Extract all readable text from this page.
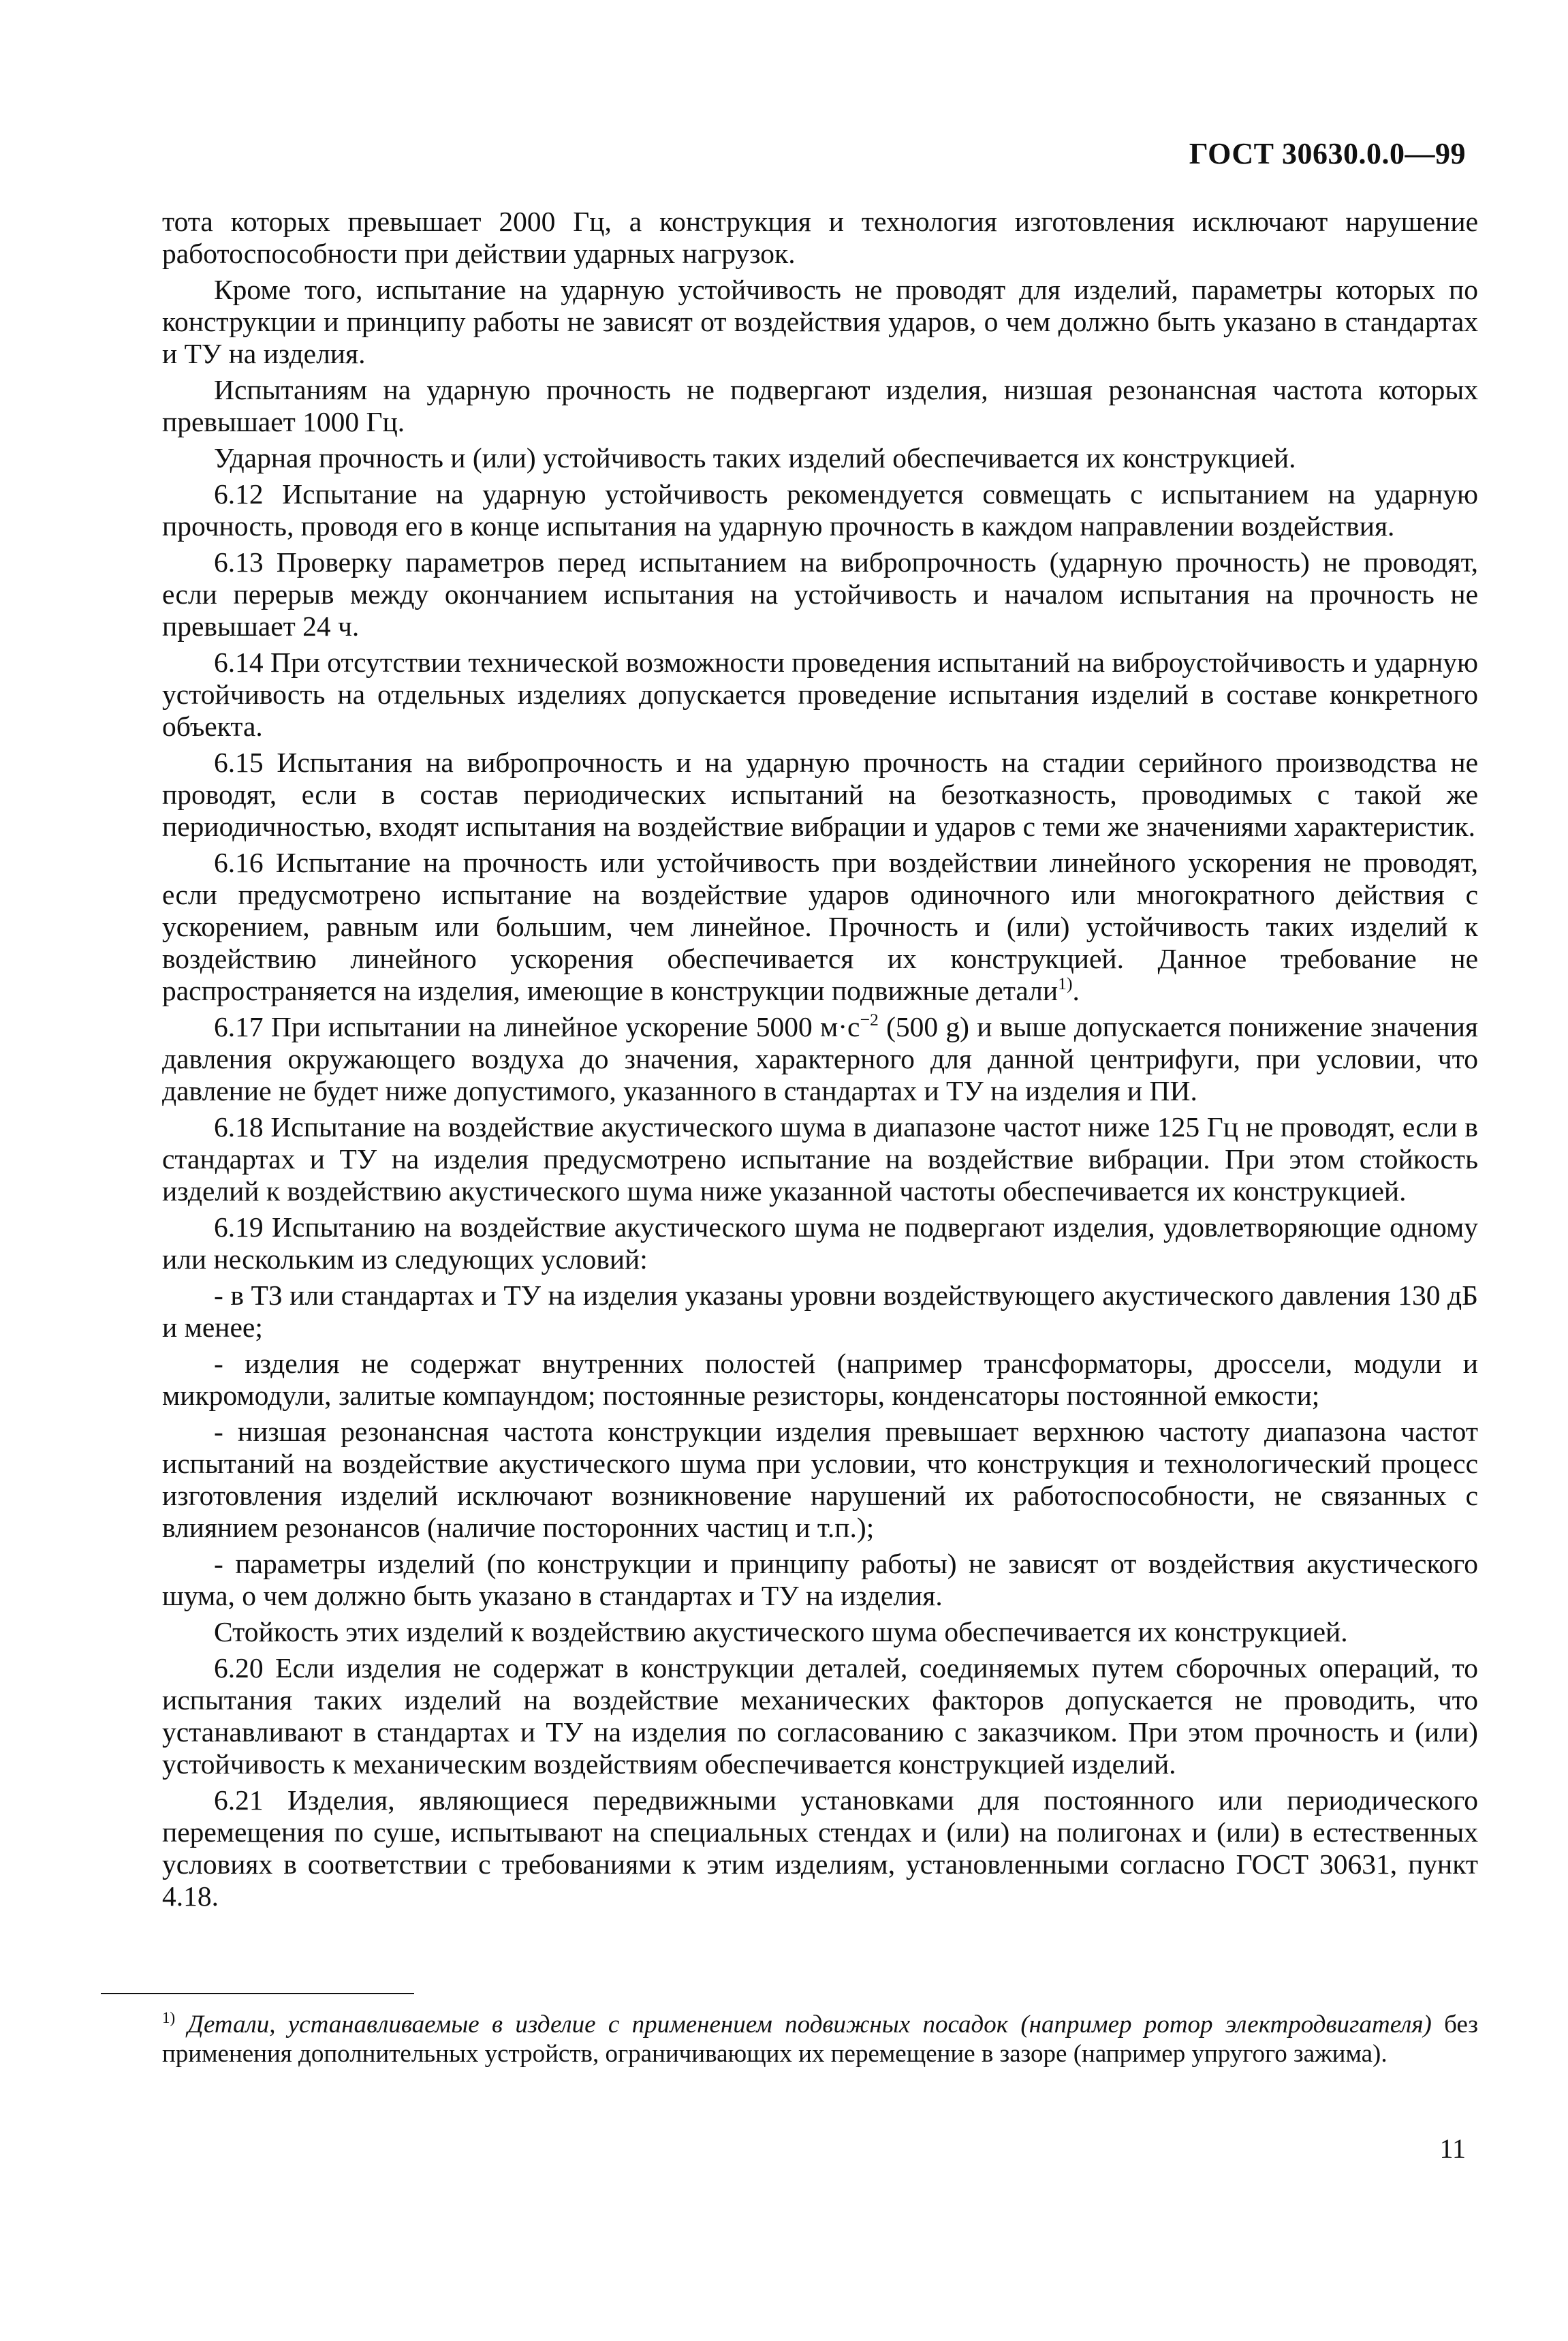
ГОСТ 30630.0.0—99

тота которых превышает 2000 Гц, а конструкция и технология изготовления исключают нарушение работоспособности при действии ударных нагрузок.

Кроме того, испытание на ударную устойчивость не проводят для изделий, параметры которых по конструкции и принципу работы не зависят от воздействия ударов, о чем должно быть указано в стандартах и ТУ на изделия.

Испытаниям на ударную прочность не подвергают изделия, низшая резонансная частота которых превышает 1000 Гц.

Ударная прочность и (или) устойчивость таких изделий обеспечивается их конструкцией.

6.12 Испытание на ударную устойчивость рекомендуется совмещать с испытанием на ударную прочность, проводя его в конце испытания на ударную прочность в каждом направлении воздействия.

6.13 Проверку параметров перед испытанием на вибропрочность (ударную прочность) не проводят, если перерыв между окончанием испытания на устойчивость и началом испытания на прочность не превышает 24 ч.

6.14 При отсутствии технической возможности проведения испытаний на виброустойчивость и ударную устойчивость на отдельных изделиях допускается проведение испытания изделий в составе конкретного объекта.

6.15 Испытания на вибропрочность и на ударную прочность на стадии серийного производства не проводят, если в состав периодических испытаний на безотказность, проводимых с такой же периодичностью, входят испытания на воздействие вибрации и ударов с теми же значениями характеристик.

6.16 Испытание на прочность или устойчивость при воздействии линейного ускорения не проводят, если предусмотрено испытание на воздействие ударов одиночного или многократного действия с ускорением, равным или большим, чем линейное. Прочность и (или) устойчивость таких изделий к воздействию линейного ускорения обеспечивается их конструкцией. Данное требование не распространяется на изделия, имеющие в конструкции подвижные детали$^{1)}$.

6.17 При испытании на линейное ускорение 5000 $м\cdot с^{-2}$ (500 g) и выше допускается понижение значения давления окружающего воздуха до значения, характерного для данной центрифуги, при условии, что давление не будет ниже допустимого, указанного в стандартах и ТУ на изделия и ПИ.

6.18 Испытание на воздействие акустического шума в диапазоне частот ниже 125 Гц не проводят, если в стандартах и ТУ на изделия предусмотрено испытание на воздействие вибрации. При этом стойкость изделий к воздействию акустического шума ниже указанной частоты обеспечивается их конструкцией.

6.19 Испытанию на воздействие акустического шума не подвергают изделия, удовлетворяющие одному или нескольким из следующих условий:

- в ТЗ или стандартах и ТУ на изделия указаны уровни воздействующего акустического давления 130 дБ и менее;

- изделия не содержат внутренних полостей (например трансформаторы, дроссели, модули и микромодули, залитые компаундом; постоянные резисторы, конденсаторы постоянной емкости;

- низшая резонансная частота конструкции изделия превышает верхнюю частоту диапазона частот испытаний на воздействие акустического шума при условии, что конструкция и технологический процесс изготовления изделий исключают возникновение нарушений их работоспособности, не связанных с влиянием резонансов (наличие посторонних частиц и т.п.);

- параметры изделий (по конструкции и принципу работы) не зависят от воздействия акустического шума, о чем должно быть указано в стандартах и ТУ на изделия.

Стойкость этих изделий к воздействию акустического шума обеспечивается их конструкцией.

6.20 Если изделия не содержат в конструкции деталей, соединяемых путем сборочных операций, то испытания таких изделий на воздействие механических факторов допускается не проводить, что устанавливают в стандартах и ТУ на изделия по согласованию с заказчиком. При этом прочность и (или) устойчивость к механическим воздействиям обеспечивается конструкцией изделий.

6.21 Изделия, являющиеся передвижными установками для постоянного или периодического перемещения по суше, испытывают на специальных стендах и (или) на полигонах и (или) в естественных условиях в соответствии с требованиями к этим изделиям, установленными согласно ГОСТ 30631, пункт 4.18.

$^{1)}$ Детали, устанавливаемые в изделие с применением подвижных посадок (например ротор электродвигателя) без применения дополнительных устройств, ограничивающих их перемещение в зазоре (например упругого зажима).
11
